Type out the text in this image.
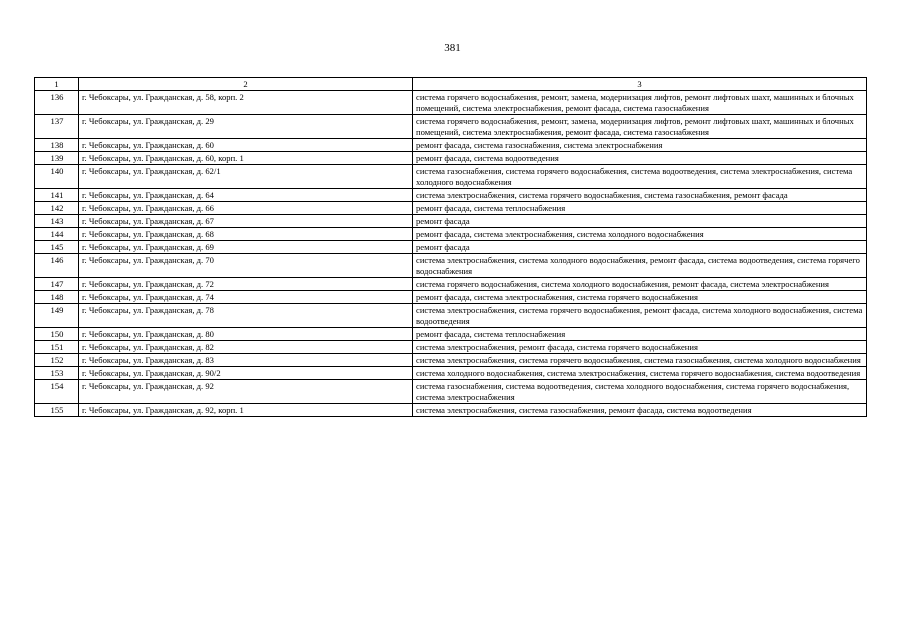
381
1	2	3
136	г. Чебоксары, ул. Гражданская, д. 58, корп. 2	система горячего водоснабжения, ремонт, замена, модернизация лифтов, ремонт лифтовых шахт, машинных и блочных помещений, система электроснабжения, ремонт фасада, система газоснабжения
137	г. Чебоксары, ул. Гражданская, д. 29	система горячего водоснабжения, ремонт, замена, модернизация лифтов, ремонт лифтовых шахт, машинных и блочных помещений, система электроснабжения, ремонт фасада, система газоснабжения
138	г. Чебоксары, ул. Гражданская, д. 60	ремонт фасада, система газоснабжения, система электроснабжения
139	г. Чебоксары, ул. Гражданская, д. 60, корп. 1	ремонт фасада, система водоотведения
140	г. Чебоксары, ул. Гражданская, д. 62/1	система газоснабжения, система горячего водоснабжения, система водоотведения, система электроснабжения, система холодного водоснабжения
141	г. Чебоксары, ул. Гражданская, д. 64	система электроснабжения, система горячего водоснабжения, система газоснабжения, ремонт фасада
142	г. Чебоксары, ул. Гражданская, д. 66	ремонт фасада, система теплоснабжения
143	г. Чебоксары, ул. Гражданская, д. 67	ремонт фасада
144	г. Чебоксары, ул. Гражданская, д. 68	ремонт фасада, система электроснабжения, система холодного водоснабжения
145	г. Чебоксары, ул. Гражданская, д. 69	ремонт фасада
146	г. Чебоксары, ул. Гражданская, д. 70	система электроснабжения, система холодного водоснабжения, ремонт фасада, система водоотведения, система горячего водоснабжения
147	г. Чебоксары, ул. Гражданская, д. 72	система горячего водоснабжения, система холодного водоснабжения, ремонт фасада, система электроснабжения
148	г. Чебоксары, ул. Гражданская, д. 74	ремонт фасада, система электроснабжения, система горячего водоснабжения
149	г. Чебоксары, ул. Гражданская, д. 78	система электроснабжения, система горячего водоснабжения, ремонт фасада, система холодного водоснабжения, система водоотведения
150	г. Чебоксары, ул. Гражданская, д. 80	ремонт фасада, система теплоснабжения
151	г. Чебоксары, ул. Гражданская, д. 82	система электроснабжения, ремонт фасада, система горячего водоснабжения
152	г. Чебоксары, ул. Гражданская, д. 83	система электроснабжения, система горячего водоснабжения, система газоснабжения, система холодного водоснабжения
153	г. Чебоксары, ул. Гражданская, д. 90/2	система холодного водоснабжения, система электроснабжения, система горячего водоснабжения, система водоотведения
154	г. Чебоксары, ул. Гражданская, д. 92	система газоснабжения, система водоотведения, система холодного водоснабжения, система горячего водоснабжения, система электроснабжения
155	г. Чебоксары, ул. Гражданская, д. 92, корп. 1	система электроснабжения, система газоснабжения, ремонт фасада, система водоотведения
